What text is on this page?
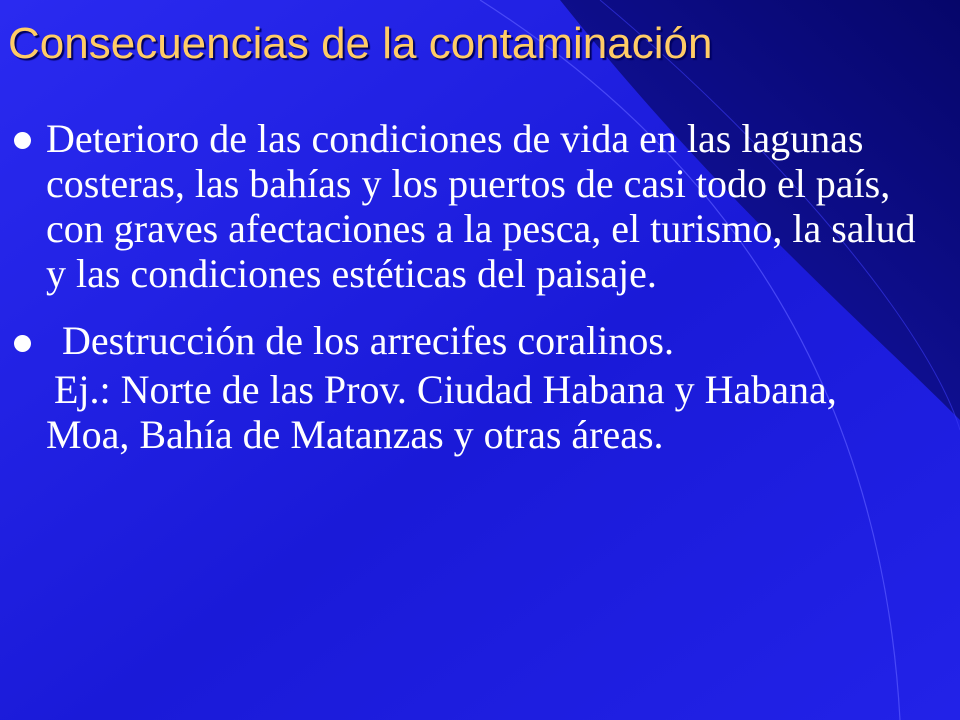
Consecuencias de la contaminación
Deterioro de las condiciones de vida en las lagunas costeras, las bahías y los puertos de casi todo el país, con graves afectaciones a la pesca, el turismo, la salud y las condiciones estéticas del paisaje.
Destrucción de los arrecifes coralinos.
Ej.: Norte de las Prov. Ciudad Habana y Habana, Moa, Bahía de Matanzas y otras áreas.
